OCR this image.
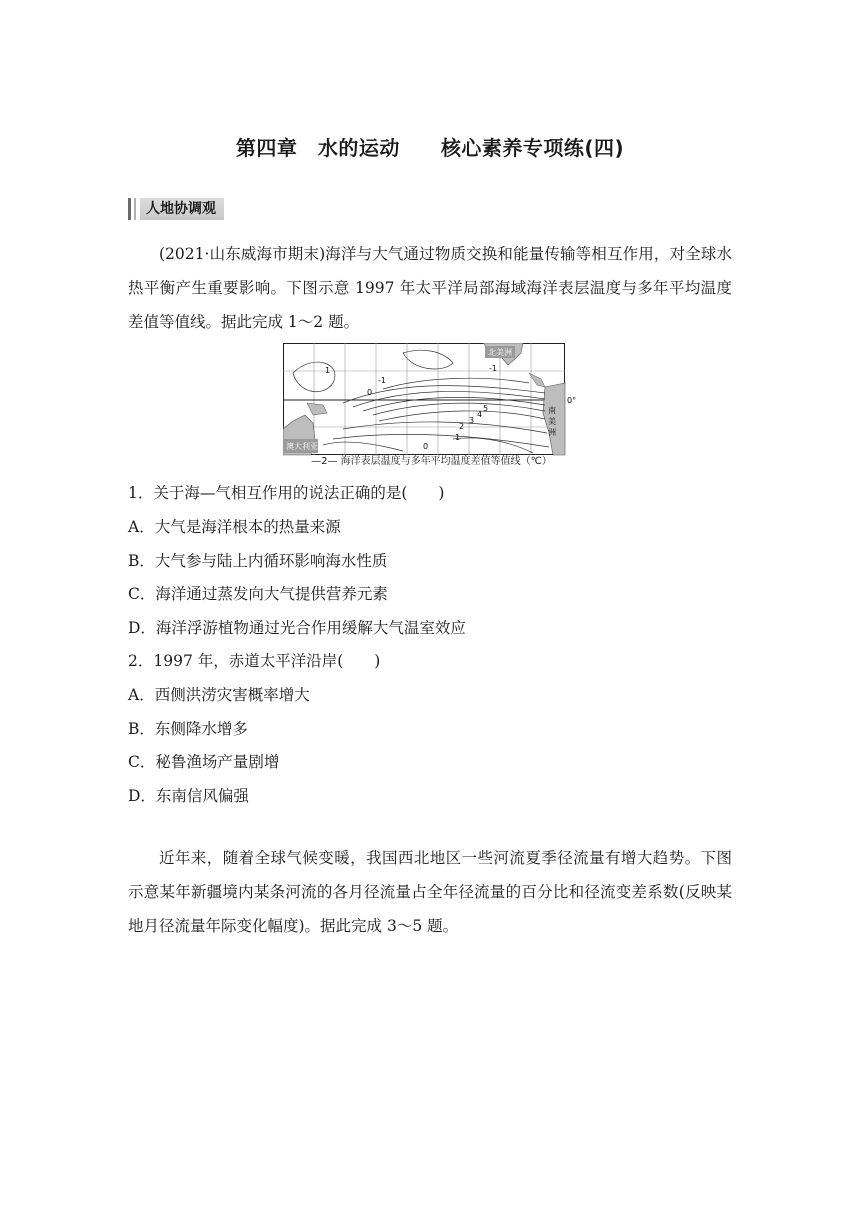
第四章　水的运动　　核心素养专项练(四)
人地协调观
(2021·山东威海市期末)海洋与大气通过物质交换和能量传输等相互作用，对全球水热平衡产生重要影响。下图示意 1997 年太平洋局部海域海洋表层温度与多年平均温度差值等值线。据此完成 1～2 题。
北美洲
南
美
洲
澳大利亚
0°
1
0
-1
5
4
3
2
1
-1
0
—2— 海洋表层温度与多年平均温度差值等值线（℃）
1．关于海—气相互作用的说法正确的是(　　)
A．大气是海洋根本的热量来源
B．大气参与陆上内循环影响海水性质
C．海洋通过蒸发向大气提供营养元素
D．海洋浮游植物通过光合作用缓解大气温室效应
2．1997 年，赤道太平洋沿岸(　　)
A．西侧洪涝灾害概率增大
B．东侧降水增多
C．秘鲁渔场产量剧增
D．东南信风偏强
近年来，随着全球气候变暖，我国西北地区一些河流夏季径流量有增大趋势。下图示意某年新疆境内某条河流的各月径流量占全年径流量的百分比和径流变差系数(反映某地月径流量年际变化幅度)。据此完成 3～5 题。
